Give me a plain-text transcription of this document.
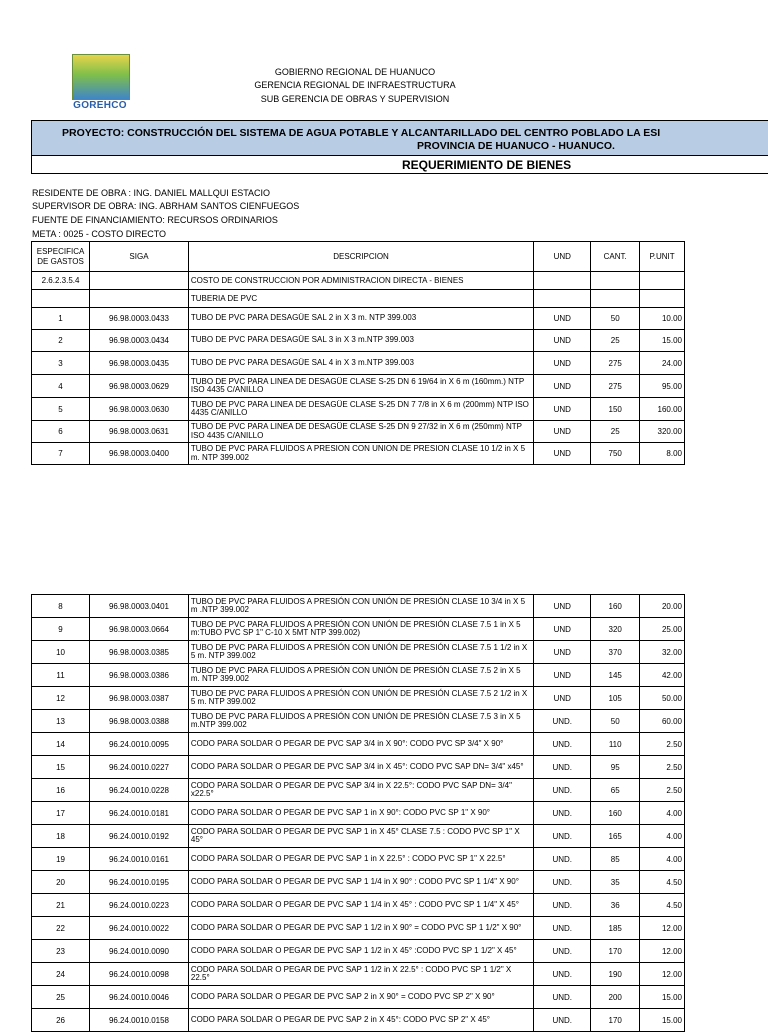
GOREHCO
GOBIERNO REGIONAL DE HUANUCO
GERENCIA REGIONAL DE INFRAESTRUCTURA
SUB GERENCIA DE OBRAS Y SUPERVISION
PROYECTO: CONSTRUCCIÓN DEL SISTEMA DE AGUA POTABLE Y ALCANTARILLADO DEL CENTRO POBLADO LA ESI
PROVINCIA DE HUANUCO - HUANUCO.
REQUERIMIENTO DE BIENES
RESIDENTE DE OBRA : ING. DANIEL MALLQUI ESTACIO
SUPERVISOR DE OBRA: ING. ABRHAM SANTOS CIENFUEGOS
FUENTE DE FINANCIAMIENTO: RECURSOS ORDINARIOS
META : 0025 - COSTO DIRECTO
ESPECIFICA DE GASTOS	SIGA	DESCRIPCION	UND	CANT.	P.UNIT
2.6.2.3.5.4		COSTO DE CONSTRUCCION POR ADMINISTRACION DIRECTA - BIENES			
		TUBERIA DE PVC			
1	96.98.0003.0433	TUBO DE PVC PARA DESAGÜE SAL 2 in X 3 m. NTP 399.003	UND	50	10.00
2	96.98.0003.0434	TUBO DE PVC PARA DESAGÜE SAL 3 in X 3 m.NTP 399.003	UND	25	15.00
3	96.98.0003.0435	TUBO DE PVC PARA DESAGÜE SAL 4 in X 3 m.NTP 399.003	UND	275	24.00
4	96.98.0003.0629	TUBO DE PVC PARA LINEA DE DESAGÜE CLASE S-25 DN 6 19/64 in X 6 m (160mm.) NTP ISO 4435 C/ANILLO	UND	275	95.00
5	96.98.0003.0630	TUBO DE PVC PARA LINEA DE DESAGÜE CLASE S-25 DN 7 7/8 in X 6 m (200mm) NTP ISO 4435 C/ANILLO	UND	150	160.00
6	96.98.0003.0631	TUBO DE PVC PARA LINEA DE DESAGÜE CLASE S-25 DN 9 27/32 in X 6 m (250mm) NTP ISO 4435 C/ANILLO	UND	25	320.00
7	96.98.0003.0400	TUBO DE PVC PARA FLUIDOS A PRESION CON UNION DE PRESION CLASE 10 1/2 in X 5 m. NTP 399.002	UND	750	8.00
8	96.98.0003.0401	TUBO DE PVC PARA FLUIDOS A PRESIÓN CON UNIÓN DE PRESIÓN CLASE 10 3/4 in X 5 m .NTP 399.002	UND	160	20.00
9	96.98.0003.0664	TUBO DE PVC PARA FLUIDOS A PRESIÓN CON UNIÓN DE PRESIÓN CLASE 7.5 1 in X 5 m:TUBO PVC SP 1" C-10 X 5MT NTP 399.002)	UND	320	25.00
10	96.98.0003.0385	TUBO DE PVC PARA FLUIDOS A PRESIÓN CON UNIÓN DE PRESIÓN CLASE 7.5 1 1/2 in X 5 m. NTP 399.002	UND	370	32.00
11	96.98.0003.0386	TUBO DE PVC PARA FLUIDOS A PRESIÓN CON UNIÓN DE PRESIÓN CLASE 7.5 2 in X 5 m. NTP 399.002	UND	145	42.00
12	96.98.0003.0387	TUBO DE PVC PARA FLUIDOS A PRESIÓN CON UNIÓN DE PRESIÓN CLASE 7.5 2 1/2 in X 5 m. NTP 399.002	UND	105	50.00
13	96.98.0003.0388	TUBO DE PVC PARA FLUIDOS A PRESIÓN CON UNIÓN DE PRESIÓN CLASE 7.5 3 in X 5 m.NTP 399.002	UND.	50	60.00
14	96.24.0010.0095	CODO PARA SOLDAR O PEGAR DE PVC SAP 3/4 in X 90°: CODO PVC SP 3/4" X 90°	UND.	110	2.50
15	96.24.0010.0227	CODO PARA SOLDAR O PEGAR DE PVC SAP 3/4 in X 45°: CODO PVC SAP DN= 3/4" x45°	UND.	95	2.50
16	96.24.0010.0228	CODO PARA SOLDAR O PEGAR DE PVC SAP 3/4 in X 22.5°: CODO PVC SAP DN= 3/4" x22.5°	UND.	65	2.50
17	96.24.0010.0181	CODO PARA SOLDAR O PEGAR DE PVC SAP 1 in X 90°: CODO PVC SP 1" X 90°	UND.	160	4.00
18	96.24.0010.0192	CODO PARA SOLDAR O PEGAR DE PVC SAP 1 in X 45° CLASE 7.5 : CODO PVC SP 1" X 45°	UND.	165	4.00
19	96.24.0010.0161	CODO PARA SOLDAR O PEGAR DE PVC SAP 1 in X 22.5° : CODO PVC SP 1" X 22.5°	UND.	85	4.00
20	96.24.0010.0195	CODO PARA SOLDAR O PEGAR DE PVC SAP 1 1/4 in X 90° : CODO PVC SP 1 1/4" X 90°	UND.	35	4.50
21	96.24.0010.0223	CODO PARA SOLDAR O PEGAR DE PVC SAP 1 1/4 in X 45° : CODO PVC SP 1 1/4" X 45°	UND.	36	4.50
22	96.24.0010.0022	CODO PARA SOLDAR O PEGAR DE PVC SAP 1 1/2 in X 90° = CODO PVC SP 1 1/2" X 90°	UND.	185	12.00
23	96.24.0010.0090	CODO PARA SOLDAR O PEGAR DE PVC SAP 1 1/2 in X 45° :CODO PVC SP 1 1/2" X 45°	UND.	170	12.00
24	96.24.0010.0098	CODO PARA SOLDAR O PEGAR DE PVC SAP 1 1/2 in X 22.5° : CODO PVC SP 1 1/2" X 22.5°	UND.	190	12.00
25	96.24.0010.0046	CODO PARA SOLDAR O PEGAR DE PVC SAP 2 in X 90° = CODO PVC SP 2" X 90°	UND.	200	15.00
26	96.24.0010.0158	CODO PARA SOLDAR O PEGAR DE PVC SAP 2 in X 45°: CODO PVC SP 2" X 45°	UND.	170	15.00
